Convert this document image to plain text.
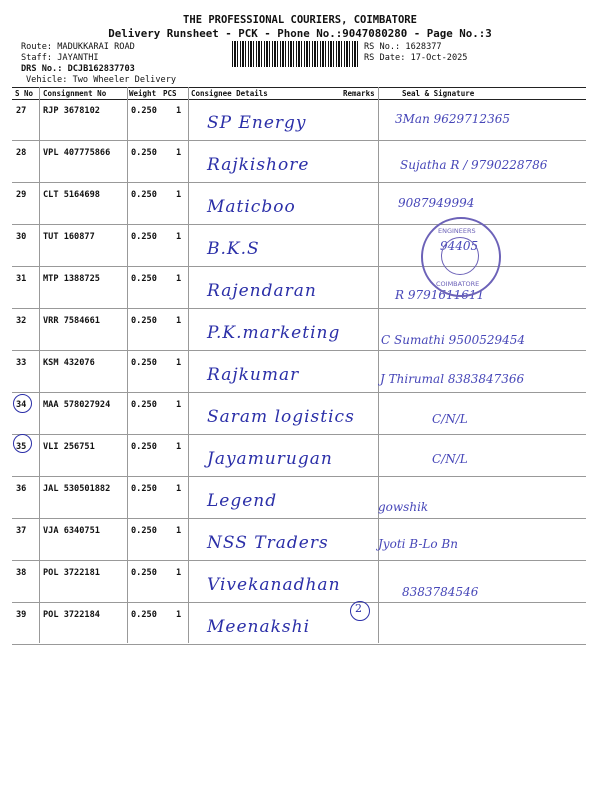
THE PROFESSIONAL COURIERS, COIMBATORE
Delivery Runsheet - PCK - Phone No.:9047080280 - Page No.:3
Route: MADUKKARAI ROAD
Staff: JAYANTHI
DRS No.: DCJB162837703
Vehicle: Two Wheeler Delivery
RS No.: 1628377
RS Date: 17-Oct-2025
S No Consignment No	Weight PCS Consignee Details	Remarks	Seal & Signature
27 RJP 3678102	0.250 1
SP Energy	3Man 9629712365
28 VPL 407775866 0.250 1
Rajkishore	Sujatha R / 9790228786
29 CLT 5164698	0.250 1
Maticboo	9087949994
30 TUT 160877	0.250 1
B.K.S	94405
31 MTP 1388725	0.250 1
Rajendaran	R 9791611611
32 VRR 7584661	0.250 1
P.K.marketing	C Sumathi 9500529454
33 KSM 432076	0.250 1
Rajkumar	J Thirumal 8383847366
34 MAA 578027924 0.250 1
Saram logistics	C/N/L
35 VLI 256751	0.250 1
Jayamurugan	C/N/L
36 JAL 530501882 0.250 1
Legend	gowshik
37 VJA 6340751	0.250 1
NSS Traders	Jyoti B-Lo Bn
38 POL 3722181	0.250 1
Vivekanadhan	8383784546
39 POL 3722184	0.250 1
Meenakshi
2
ENGINEERS
COIMBATORE
